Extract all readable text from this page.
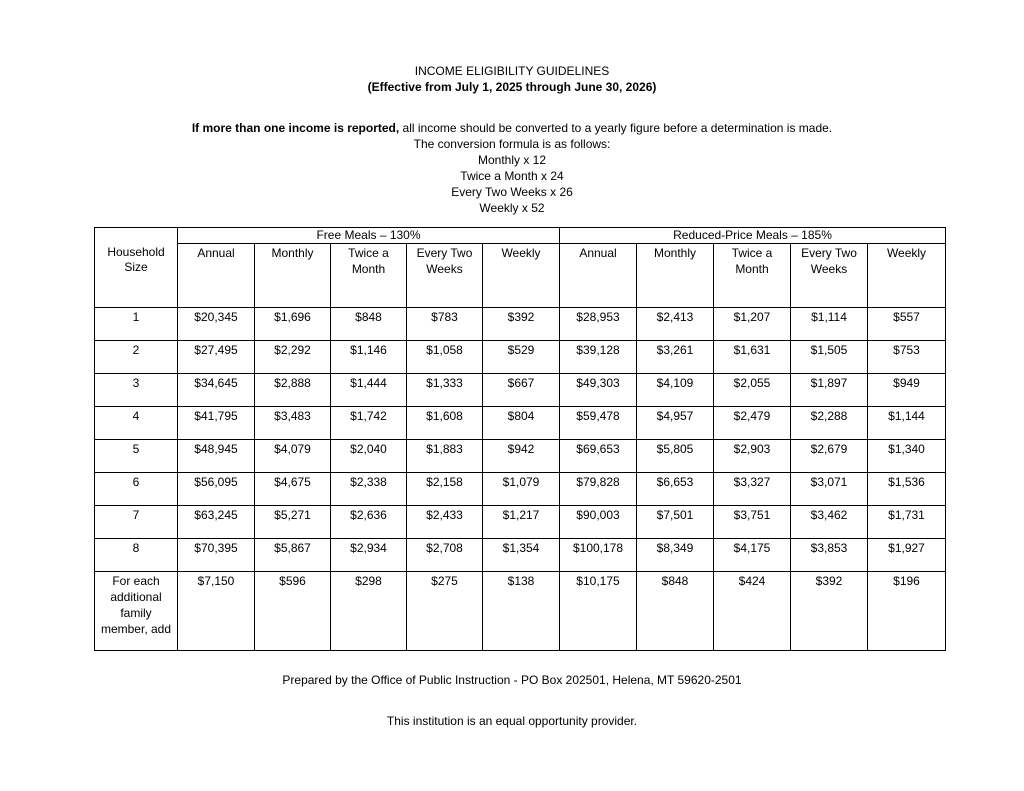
INCOME ELIGIBILITY GUIDELINES
(Effective from July 1, 2025 through June 30, 2026)
If more than one income is reported, all income should be converted to a yearly figure before a determination is made.
The conversion formula is as follows:
Monthly x 12
Twice a Month x 24
Every Two Weeks x 26
Weekly x 52
Household Size	Free Meals – 130%					Reduced-Price Meals – 185%				
	Annual	Monthly	Twice a Month	Every Two Weeks	Weekly	Annual	Monthly	Twice a Month	Every Two Weeks	Weekly
1	$20,345	$1,696	$848	$783	$392	$28,953	$2,413	$1,207	$1,114	$557
2	$27,495	$2,292	$1,146	$1,058	$529	$39,128	$3,261	$1,631	$1,505	$753
3	$34,645	$2,888	$1,444	$1,333	$667	$49,303	$4,109	$2,055	$1,897	$949
4	$41,795	$3,483	$1,742	$1,608	$804	$59,478	$4,957	$2,479	$2,288	$1,144
5	$48,945	$4,079	$2,040	$1,883	$942	$69,653	$5,805	$2,903	$2,679	$1,340
6	$56,095	$4,675	$2,338	$2,158	$1,079	$79,828	$6,653	$3,327	$3,071	$1,536
7	$63,245	$5,271	$2,636	$2,433	$1,217	$90,003	$7,501	$3,751	$3,462	$1,731
8	$70,395	$5,867	$2,934	$2,708	$1,354	$100,178	$8,349	$4,175	$3,853	$1,927
For each additional family member, add	$7,150	$596	$298	$275	$138	$10,175	$848	$424	$392	$196
Prepared by the Office of Public Instruction - PO Box 202501, Helena, MT 59620-2501
This institution is an equal opportunity provider.
